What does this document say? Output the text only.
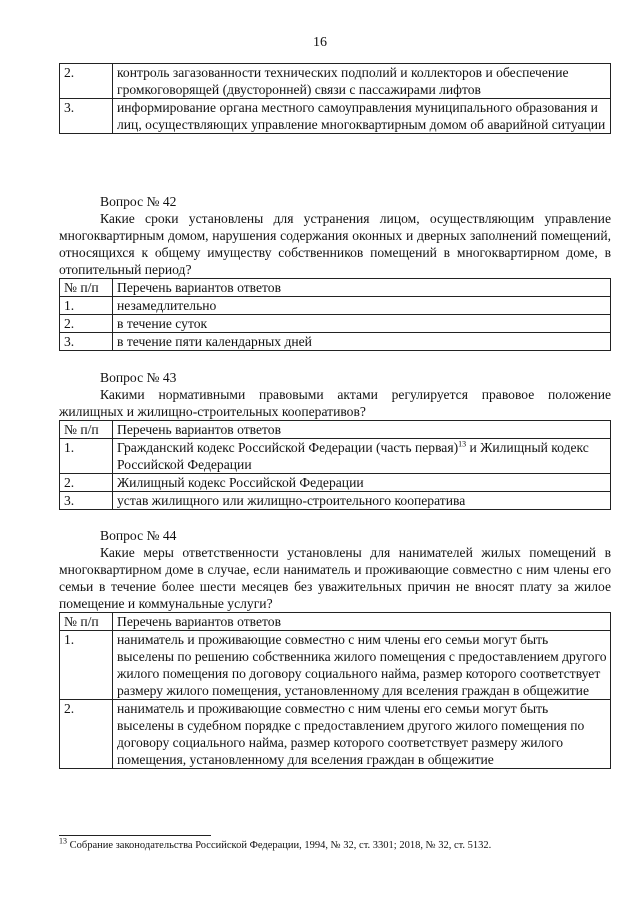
16
2.	контроль загазованности технических подполий и коллекторов и обеспечение громкоговорящей (двусторонней) связи с пассажирами лифтов
3.	информирование органа местного самоуправления муниципального образования и лиц, осуществляющих управление многоквартирным домом об аварийной ситуации
Вопрос № 42
Какие сроки установлены для устранения лицом, осуществляющим управление многоквартирным домом, нарушения содержания оконных и дверных заполнений помещений, относящихся к общему имуществу собственников помещений в многоквартирном доме, в отопительный период?
№ п/п	Перечень вариантов ответов
1.	незамедлительно
2.	в течение суток
3.	в течение пяти календарных дней
Вопрос № 43
Какими нормативными правовыми актами регулируется правовое положение жилищных и жилищно-строительных кооперативов?
№ п/п	Перечень вариантов ответов
1.	Гражданский кодекс Российской Федерации (часть первая)$^{13}$ и Жилищный кодекс Российской Федерации
2.	Жилищный кодекс Российской Федерации
3.	устав жилищного или жилищно-строительного кооператива
Вопрос № 44
Какие меры ответственности установлены для нанимателей жилых помещений в многоквартирном доме в случае, если наниматель и проживающие совместно с ним члены его семьи в течение более шести месяцев без уважительных причин не вносят плату за жилое помещение и коммунальные услуги?
№ п/п	Перечень вариантов ответов
1.	наниматель и проживающие совместно с ним члены его семьи могут быть выселены по решению собственника жилого помещения с предоставлением другого жилого помещения по договору социального найма, размер которого соответствует размеру жилого помещения, установленному для вселения граждан в общежитие
2.	наниматель и проживающие совместно с ним члены его семьи могут быть выселены в судебном порядке с предоставлением другого жилого помещения по договору социального найма, размер которого соответствует размеру жилого помещения, установленному для вселения граждан в общежитие
$^{13}$ Собрание законодательства Российской Федерации, 1994, № 32, ст. 3301; 2018, № 32, ст. 5132.
